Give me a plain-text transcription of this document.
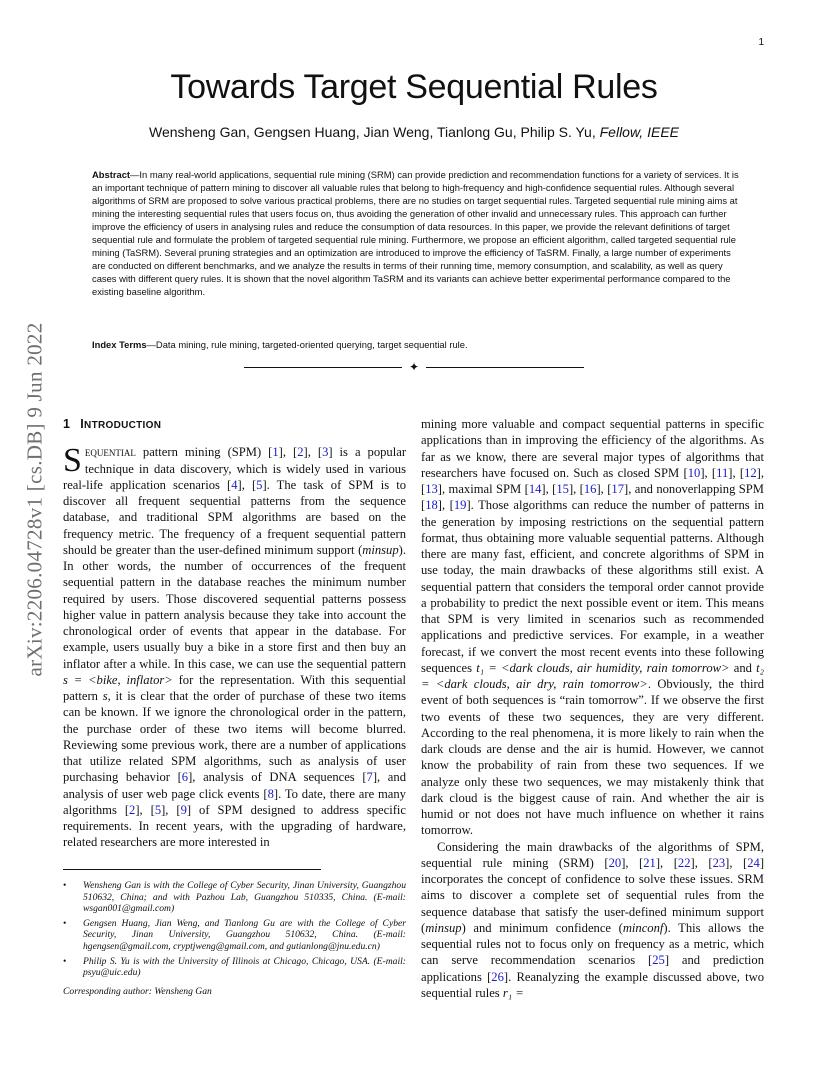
1
arXiv:2206.04728v1 [cs.DB] 9 Jun 2022
Towards Target Sequential Rules
Wensheng Gan, Gengsen Huang, Jian Weng, Tianlong Gu, Philip S. Yu, Fellow, IEEE
Abstract—In many real-world applications, sequential rule mining (SRM) can provide prediction and recommendation functions for a variety of services. It is an important technique of pattern mining to discover all valuable rules that belong to high-frequency and high-confidence sequential rules. Although several algorithms of SRM are proposed to solve various practical problems, there are no studies on target sequential rules. Targeted sequential rule mining aims at mining the interesting sequential rules that users focus on, thus avoiding the generation of other invalid and unnecessary rules. This approach can further improve the efficiency of users in analysing rules and reduce the consumption of data resources. In this paper, we provide the relevant definitions of target sequential rule and formulate the problem of targeted sequential rule mining. Furthermore, we propose an efficient algorithm, called targeted sequential rule mining (TaSRM). Several pruning strategies and an optimization are introduced to improve the efficiency of TaSRM. Finally, a large number of experiments are conducted on different benchmarks, and we analyze the results in terms of their running time, memory consumption, and scalability, as well as query cases with different query rules. It is shown that the novel algorithm TaSRM and its variants can achieve better experimental performance compared to the existing baseline algorithm.
Index Terms—Data mining, rule mining, targeted-oriented querying, target sequential rule.
✦
1 INTRODUCTION

Sequential pattern mining (SPM) [1], [2], [3] is a popular technique in data discovery, which is widely used in various real-life application scenarios [4], [5]. The task of SPM is to discover all frequent sequential patterns from the sequence database, and traditional SPM algorithms are based on the frequency metric. The frequency of a frequent sequential pattern should be greater than the user-defined minimum support (minsup). In other words, the number of occurrences of the frequent sequential pattern in the database reaches the minimum number required by users. Those discovered sequential patterns possess higher value in pattern analysis because they take into account the chronological order of events that appear in the database. For example, users usually buy a bike in a store first and then buy an inflator after a while. In this case, we can use the sequential pattern s = <bike, inflator> for the representation. With this sequential pattern s, it is clear that the order of purchase of these two items can be known. If we ignore the chronological order in the pattern, the purchase order of these two items will become blurred. Reviewing some previous work, there are a number of applications that utilize related SPM algorithms, such as analysis of user purchasing behavior [6], analysis of DNA sequences [7], and analysis of user web page click events [8]. To date, there are many algorithms [2], [5], [9] of SPM designed to address specific requirements. In recent years, with the upgrading of hardware, related researchers are more interested in

• Wensheng Gan is with the College of Cyber Security, Jinan University, Guangzhou 510632, China; and with Pazhou Lab, Guangzhou 510335, China. (E-mail: wsgan001@gmail.com)
• Gengsen Huang, Jian Weng, and Tianlong Gu are with the College of Cyber Security, Jinan University, Guangzhou 510632, China. (E-mail: hgengsen@gmail.com, cryptjweng@gmail.com, and gutianlong@jnu.edu.cn)
• Philip S. Yu is with the University of Illinois at Chicago, Chicago, USA. (E-mail: psyu@uic.edu)
Corresponding author: Wensheng Gan

mining more valuable and compact sequential patterns in specific applications than in improving the efficiency of the algorithms. As far as we know, there are several major types of algorithms that researchers have focused on. Such as closed SPM [10], [11], [12], [13], maximal SPM [14], [15], [16], [17], and nonoverlapping SPM [18], [19]. Those algorithms can reduce the number of patterns in the generation by imposing restrictions on the sequential pattern format, thus obtaining more valuable sequential patterns. Although there are many fast, efficient, and concrete algorithms of SPM in use today, the main drawbacks of these algorithms still exist. A sequential pattern that considers the temporal order cannot provide a probability to predict the next possible event or item. This means that SPM is very limited in scenarios such as recommended applications and predictive services. For example, in a weather forecast, if we convert the most recent events into these following sequences t₁ = <dark clouds, air humidity, rain tomorrow> and t₂ = <dark clouds, air dry, rain tomorrow>. Obviously, the third event of both sequences is “rain tomorrow”. If we observe the first two events of these two sequences, they are very different. According to the real phenomena, it is more likely to rain when the dark clouds are dense and the air is humid. However, we cannot know the probability of rain from these two sequences. If we analyze only these two sequences, we may mistakenly think that dark cloud is the biggest cause of rain. And whether the air is humid or not does not have much influence on whether it rains tomorrow.

Considering the main drawbacks of the algorithms of SPM, sequential rule mining (SRM) [20], [21], [22], [23], [24] incorporates the concept of confidence to solve these issues. SRM aims to discover a complete set of sequential rules from the sequence database that satisfy the user-defined minimum support (minsup) and minimum confidence (minconf). This allows the sequential rules not to focus only on frequency as a metric, which can serve recommendation scenarios [25] and prediction applications [26]. Reanalyzing the example discussed above, two sequential rules r₁ =
